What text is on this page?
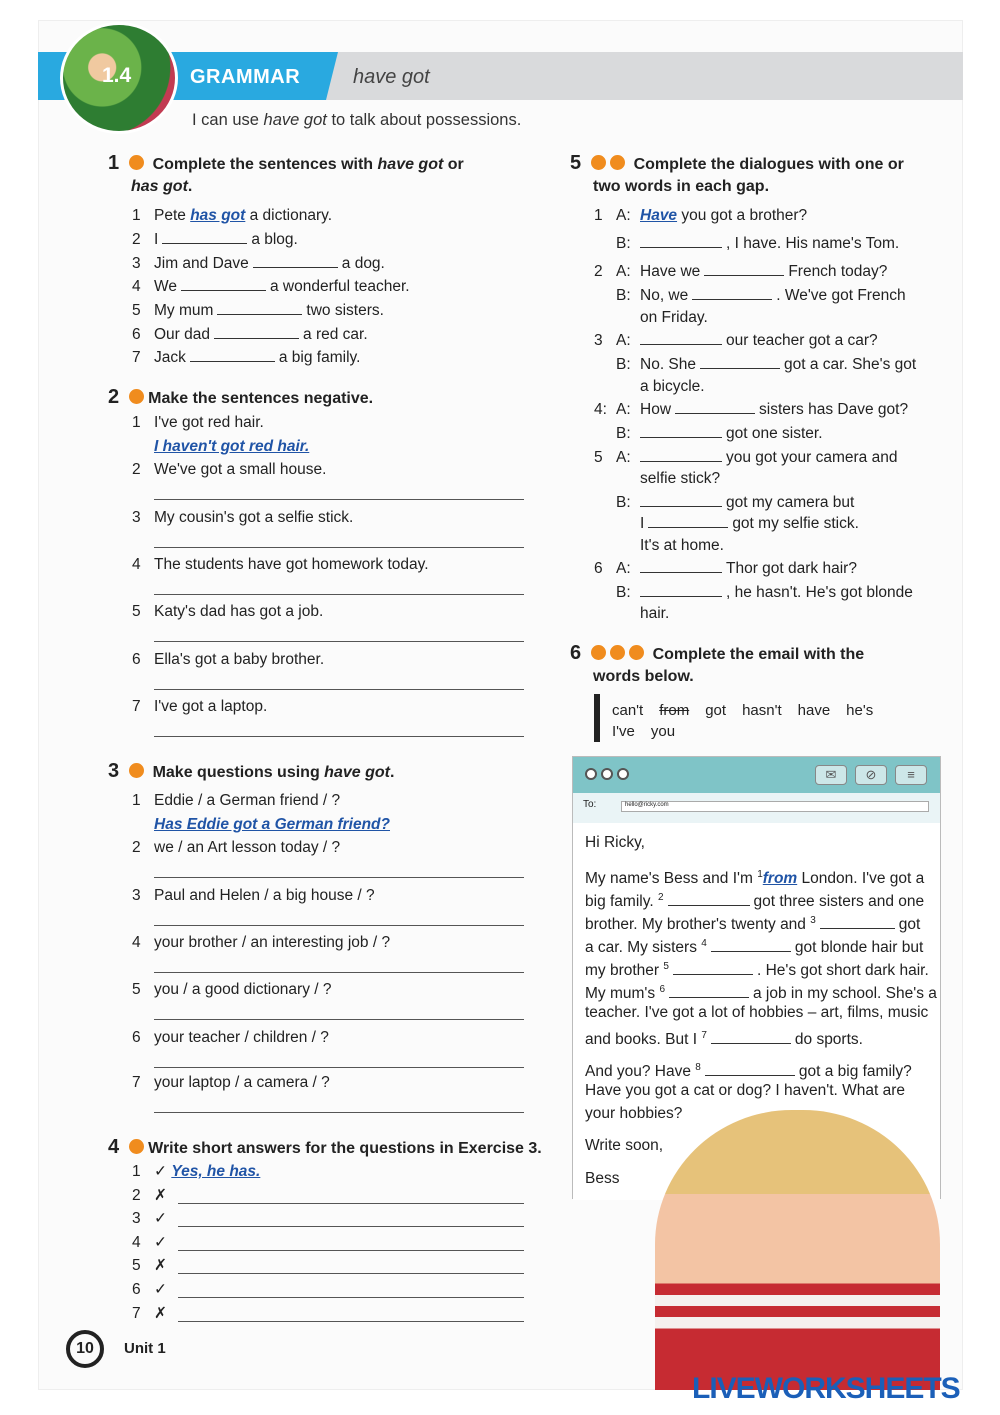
1.4	GRAMMAR	have got
I can use have got to talk about possessions.
1 Complete the sentences with have got or
has got.
2 Make the sentences negative.
3 Make questions using have got.
4 Write short answers for the questions in Exercise 3.
5	Complete the dialogues with one or
two words in each gap.
6	Complete the email with the
words below.
can't from got hasn't have he's
I've you
✉	⊘	≡
To:	hello@ricky.com
10	Unit 1
LIVEWORKSHEETS
1 Pete has got a dictionary.
2 I	a blog.
3 Jim and Dave	a dog.
4 We	a wonderful teacher.
5 My mum	two sisters.
6 Our dad	a red car.
7 Jack	a big family.
1 I've got red hair.
I haven't got red hair.
2 We've got a small house.
3 My cousin's got a selfie stick.
4 The students have got homework today.
5 Katy's dad has got a job.
6 Ella's got a baby brother.
7 I've got a laptop.
1 Eddie / a German friend / ?
Has Eddie got a German friend?
2 we / an Art lesson today / ?
3 Paul and Helen / a big house / ?
4 your brother / an interesting job / ?
5 you / a good dictionary / ?
6 your teacher / children / ?
7 your laptop / a camera / ?
1 ✓ Yes, he has.
2 ✗
3 ✓
4 ✓
5 ✗
6 ✓
7 ✗
1 A: Have you got a brother?
B:	, I have. His name's Tom.
2 A: Have we	French today?
B: No, we	. We've got French
on Friday.
3 A:	our teacher got a car?
B: No. She	got a car. She's got
a bicycle.
4: A: How	sisters has Dave got?
B:	got one sister.
5 A:	you got your camera and
selfie stick?
B:	got my camera but
I	got my selfie stick.
It's at home.
6 A:	Thor got dark hair?
B:	, he hasn't. He's got blonde
hair.
Hi Ricky,
My name's Bess and I'm $^1$from London. I've got a
big family. $^2$	got three sisters and one
brother. My brother's twenty and $^3$	got
a car. My sisters $^4$	got blonde hair but
my brother $^5$	. He's got short dark hair.
My mum's $^6$	a job in my school. She's a
teacher. I've got a lot of hobbies – art, films, music
and books. But I $^7$	do sports.
And you? Have $^8$	got a big family?
Have you got a cat or dog? I haven't. What are
your hobbies?
Write soon,
Bess
